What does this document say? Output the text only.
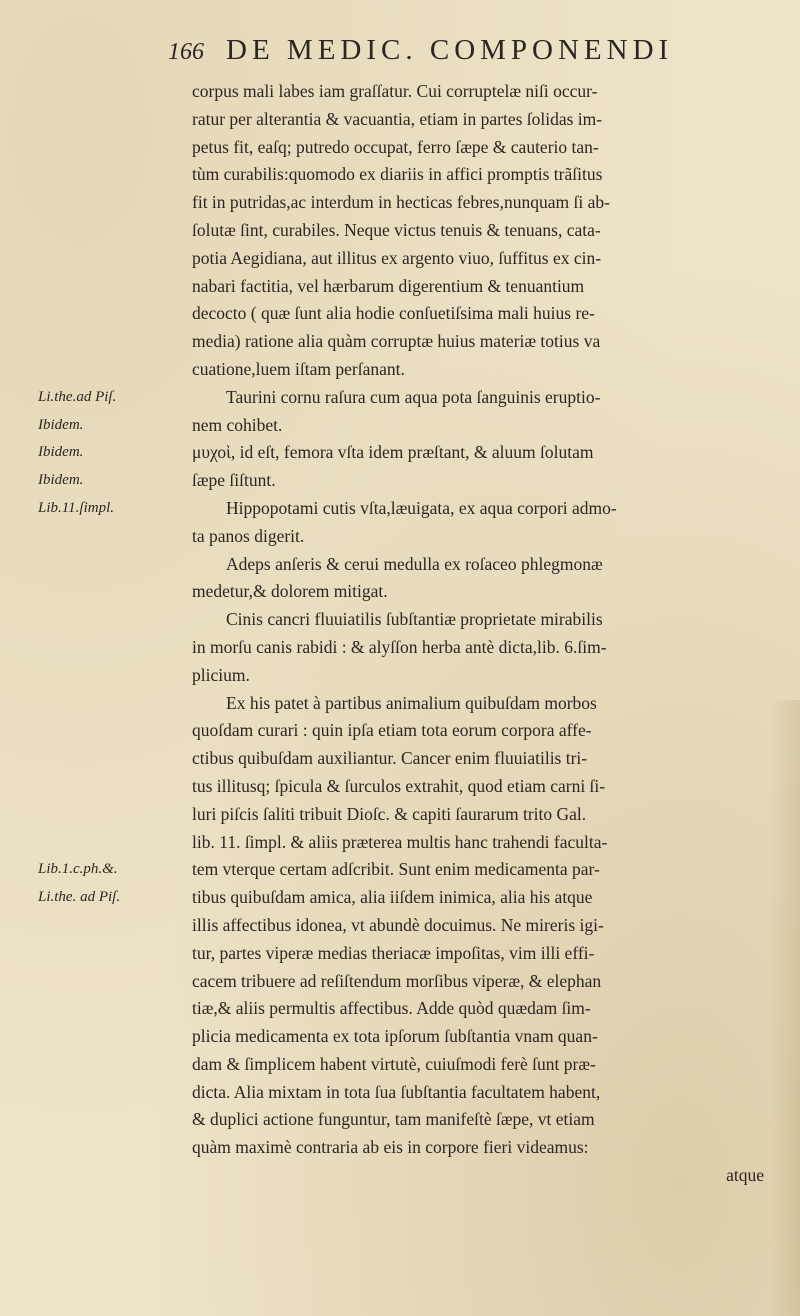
166 DE MEDIC. COMPONENDI
corpus mali labes iam graſſatur. Cui corruptelæ niſi occur-
ratur per alterantia & vacuantia, etiam in partes ſolidas im-
petus fit, eaſq; putredo occupat, ferro ſæpe & cauterio tan-
tùm curabilis:quomodo ex diariis in affici promptis trãſitus
fit in putridas,ac interdum in hecticas febres,nunquam ſi ab-
ſolutæ ſint, curabiles. Neque victus tenuis & tenuans, cata-
potia Aegidiana, aut illitus ex argento viuo, ſuffitus ex cin-
nabari factitia, vel hærbarum digerentium & tenuantium
decocto ( quæ ſunt alia hodie conſuetiſsima mali huius re-
media) ratione alia quàm corruptæ huius materiæ totius va
cuatione,luem iſtam perſanant.
Taurini cornu raſura cum aqua pota ſanguinis eruptio-
nem cohibet.
μυχοὶ, id eſt, femora vſta idem præſtant, & aluum ſolutam
ſæpe ſiſtunt.
Hippopotami cutis vſta,læuigata, ex aqua corpori admo-
ta panos digerit.
Adeps anſeris & cerui medulla ex roſaceo phlegmonæ
medetur,& dolorem mitigat.
Cinis cancri fluuiatilis ſubſtantiæ proprietate mirabilis
in morſu canis rabidi : & alyſſon herba antè dicta,lib. 6.ſim-
plicium.
Ex his patet à partibus animalium quibuſdam morbos
quoſdam curari : quin ipſa etiam tota eorum corpora affe-
ctibus quibuſdam auxiliantur. Cancer enim fluuiatilis tri-
tus illitusq; ſpicula & ſurculos extrahit, quod etiam carni ſi-
luri piſcis ſaliti tribuit Dioſc. & capiti ſaurarum trito Gal.
lib. 11. ſimpl. & aliis præterea multis hanc trahendi faculta-
tem vterque certam adſcribit. Sunt enim medicamenta par-
tibus quibuſdam amica, alia iiſdem inimica, alia his atque
illis affectibus idonea, vt abundè docuimus. Ne mireris igi-
tur, partes viperæ medias theriacæ impoſitas, vim illi effi-
cacem tribuere ad reſiſtendum morſibus viperæ, & elephan
tiæ,& aliis permultis affectibus. Adde quòd quædam ſim-
plicia medicamenta ex tota ipſorum ſubſtantia vnam quan-
dam & ſimplicem habent virtutè, cuiuſmodi ferè ſunt præ-
dicta. Alia mixtam in tota ſua ſubſtantia facultatem habent,
& duplici actione funguntur, tam manifeſtè ſæpe, vt etiam
quàm maximè contraria ab eis in corpore fieri videamus:
atque
Li.the.ad Piſ.
Ibidem.
Ibidem.
Ibidem.
Lib.11.ſimpl.
Lib.1.c.ph.&.
Li.the. ad Piſ.
